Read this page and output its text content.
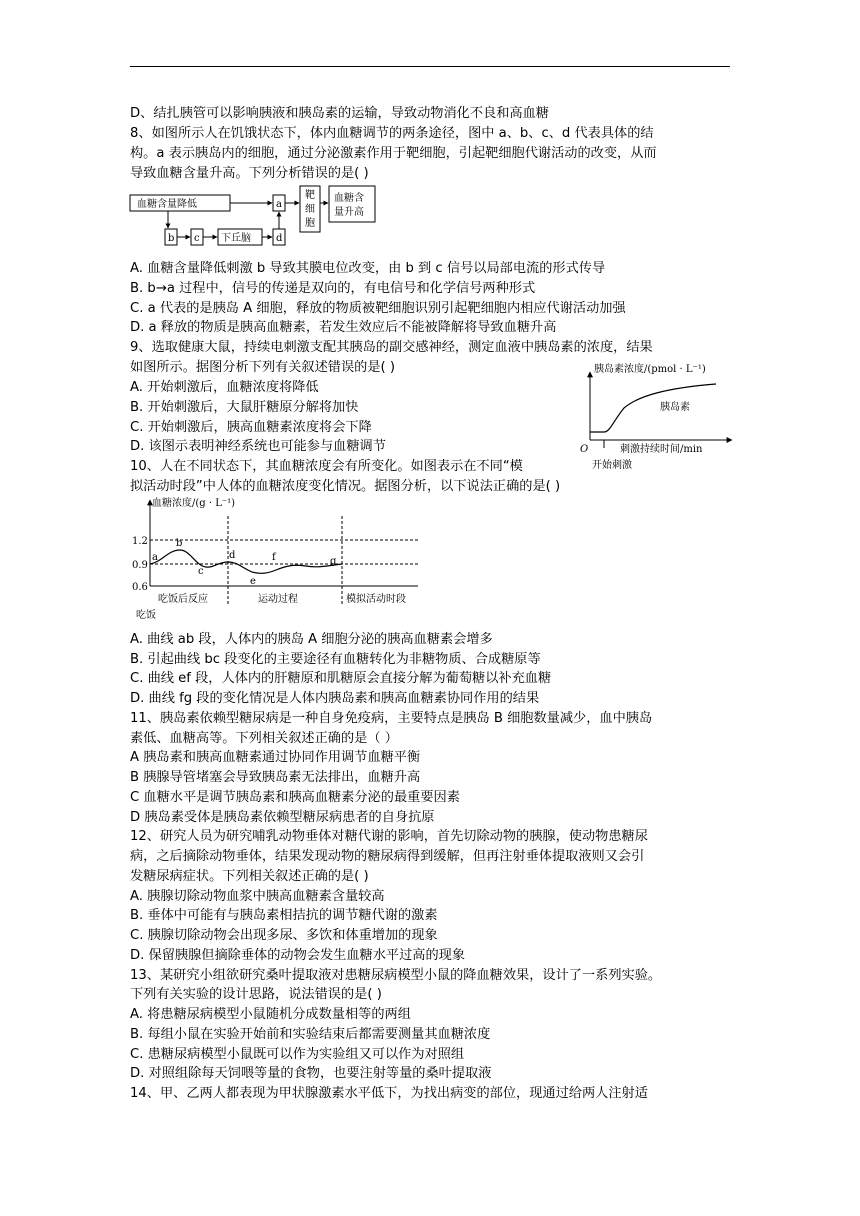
D、结扎胰管可以影响胰液和胰岛素的运输，导致动物消化不良和高血糖
8、如图所示人在饥饿状态下，体内血糖调节的两条途径，图中 a、b、c、d 代表具体的结
构。a 表示胰岛内的细胞，通过分泌激素作用于靶细胞，引起靶细胞代谢活动的改变，从而
导致血糖含量升高。下列分析错误的是( )
血糖含量降低	a
b c 下丘脑	d
靶
细
胞
血糖含
量升高
A. 血糖含量降低刺激 b 导致其膜电位改变，由 b 到 c 信号以局部电流的形式传导
B. b→a 过程中，信号的传递是双向的，有电信号和化学信号两种形式
C. a 代表的是胰岛 A 细胞，释放的物质被靶细胞识别引起靶细胞内相应代谢活动加强
D. a 释放的物质是胰高血糖素，若发生效应后不能被降解将导致血糖升高
9、选取健康大鼠，持续电刺激支配其胰岛的副交感神经，测定血液中胰岛素的浓度，结果
如图所示。据图分析下列有关叙述错误的是( )
A. 开始刺激后，血糖浓度将降低
B. 开始刺激后，大鼠肝糖原分解将加快
C. 开始刺激后，胰高血糖素浓度将会下降
D. 该图示表明神经系统也可能参与血糖调节
胰岛素浓度/(pmol · L⁻¹)
胰岛素
O	刺激持续时间/min
开始刺激
10、人在不同状态下，其血糖浓度会有所变化。如图表示在不同“模
拟活动时段”中人体的血糖浓度变化情况。据图分析，以下说法正确的是( )
血糖浓度/(g · L⁻¹)
1.2
0.9
0.6
a
b
c
d
e
f	g
吃饭后反应	运动过程	模拟活动时段
吃饭
A. 曲线 ab 段，人体内的胰岛 A 细胞分泌的胰高血糖素会增多
B. 引起曲线 bc 段变化的主要途径有血糖转化为非糖物质、合成糖原等
C. 曲线 ef 段，人体内的肝糖原和肌糖原会直接分解为葡萄糖以补充血糖
D. 曲线 fg 段的变化情况是人体内胰岛素和胰高血糖素协同作用的结果
11、胰岛素依赖型糖尿病是一种自身免疫病，主要特点是胰岛 B 细胞数量减少，血中胰岛
素低、血糖高等。下列相关叙述正确的是（ ）
A 胰岛素和胰高血糖素通过协同作用调节血糖平衡
B 胰腺导管堵塞会导致胰岛素无法排出，血糖升高
C 血糖水平是调节胰岛素和胰高血糖素分泌的最重要因素
D 胰岛素受体是胰岛素依赖型糖尿病患者的自身抗原
12、研究人员为研究哺乳动物垂体对糖代谢的影响，首先切除动物的胰腺，使动物患糖尿
病，之后摘除动物垂体，结果发现动物的糖尿病得到缓解，但再注射垂体提取液则又会引
发糖尿病症状。下列相关叙述正确的是( )
A. 胰腺切除动物血浆中胰高血糖素含量较高
B. 垂体中可能有与胰岛素相拮抗的调节糖代谢的激素
C. 胰腺切除动物会出现多尿、多饮和体重增加的现象
D. 保留胰腺但摘除垂体的动物会发生血糖水平过高的现象
13、某研究小组欲研究桑叶提取液对患糖尿病模型小鼠的降血糖效果，设计了一系列实验。
下列有关实验的设计思路，说法错误的是( )
A. 将患糖尿病模型小鼠随机分成数量相等的两组
B. 每组小鼠在实验开始前和实验结束后都需要测量其血糖浓度
C. 患糖尿病模型小鼠既可以作为实验组又可以作为对照组
D. 对照组除每天饲喂等量的食物，也要注射等量的桑叶提取液
14、甲、乙两人都表现为甲状腺激素水平低下，为找出病变的部位，现通过给两人注射适
